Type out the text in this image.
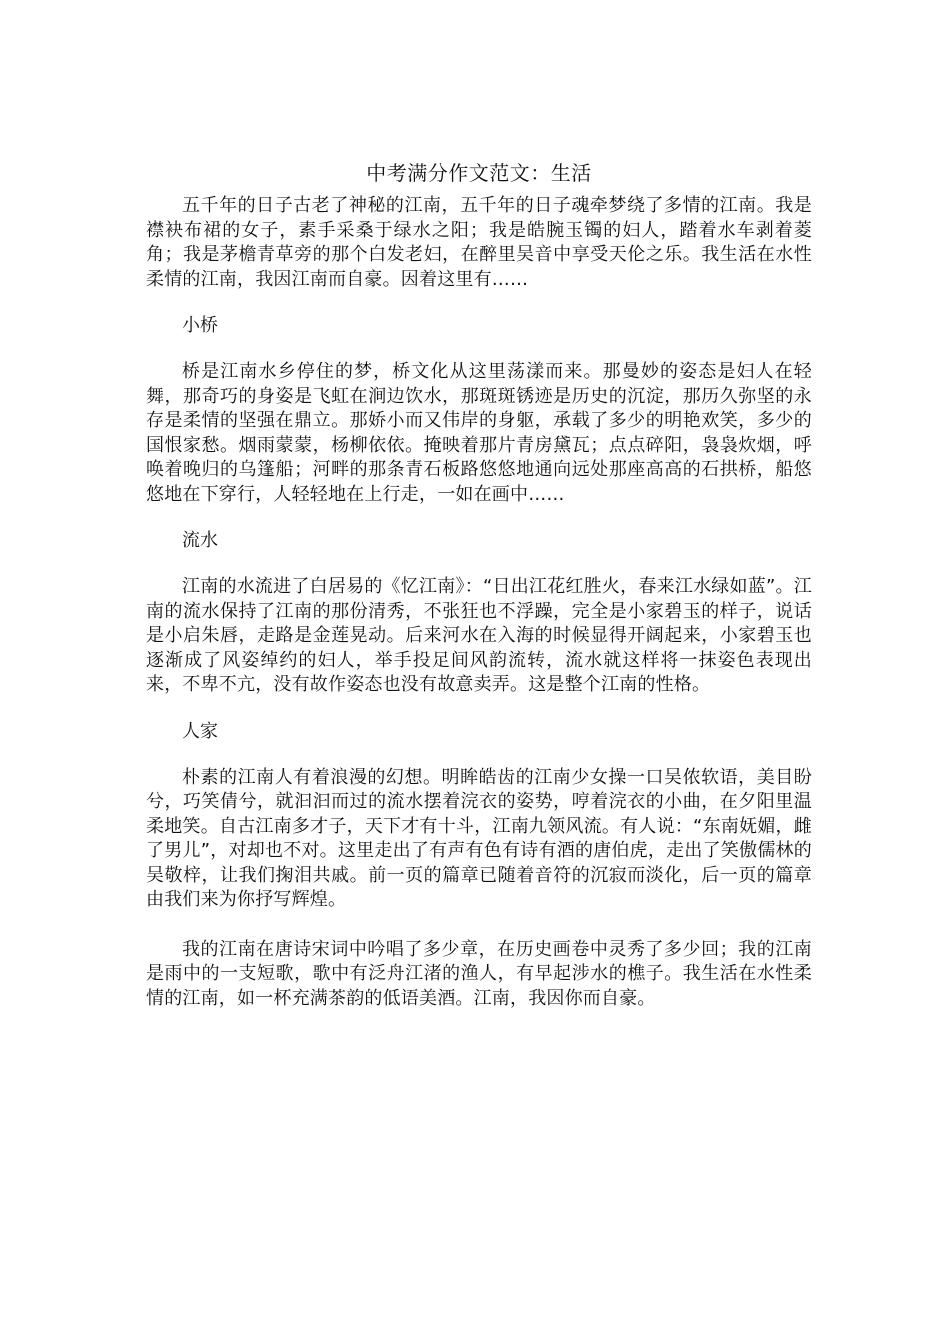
中考满分作文范文：生活

五千年的日子古老了神秘的江南，五千年的日子魂牵梦绕了多情的江南。我是襟袂布裙的女子，素手采桑于绿水之阳；我是皓腕玉镯的妇人，踏着水车剥着菱角；我是茅檐青草旁的那个白发老妇，在醉里吴音中享受天伦之乐。我生活在水性柔情的江南，我因江南而自豪。因着这里有……

小桥

桥是江南水乡停住的梦，桥文化从这里荡漾而来。那曼妙的姿态是妇人在轻舞，那奇巧的身姿是飞虹在涧边饮水，那斑斑锈迹是历史的沉淀，那历久弥坚的永存是柔情的坚强在鼎立。那娇小而又伟岸的身躯，承载了多少的明艳欢笑，多少的国恨家愁。烟雨蒙蒙，杨柳依依。掩映着那片青房黛瓦；点点碎阳，袅袅炊烟，呼唤着晚归的乌篷船；河畔的那条青石板路悠悠地通向远处那座高高的石拱桥，船悠悠地在下穿行，人轻轻地在上行走，一如在画中……

流水

江南的水流进了白居易的《忆江南》：“日出江花红胜火，春来江水绿如蓝”。江南的流水保持了江南的那份清秀，不张狂也不浮躁，完全是小家碧玉的样子，说话是小启朱唇，走路是金莲晃动。后来河水在入海的时候显得开阔起来，小家碧玉也逐渐成了风姿绰约的妇人，举手投足间风韵流转，流水就这样将一抹姿色表现出来，不卑不亢，没有故作姿态也没有故意卖弄。这是整个江南的性格。

人家

朴素的江南人有着浪漫的幻想。明眸皓齿的江南少女操一口吴侬软语，美目盼兮，巧笑倩兮，就汩汩而过的流水摆着浣衣的姿势，哼着浣衣的小曲，在夕阳里温柔地笑。自古江南多才子，天下才有十斗，江南九领风流。有人说：“东南妩媚，雌了男儿”，对却也不对。这里走出了有声有色有诗有酒的唐伯虎，走出了笑傲儒林的吴敬梓，让我们掬泪共戚。前一页的篇章已随着音符的沉寂而淡化，后一页的篇章由我们来为你抒写辉煌。

我的江南在唐诗宋词中吟唱了多少章，在历史画卷中灵秀了多少回；我的江南是雨中的一支短歌，歌中有泛舟江渚的渔人，有早起涉水的樵子。我生活在水性柔情的江南，如一杯充满茶韵的低语美酒。江南，我因你而自豪。
